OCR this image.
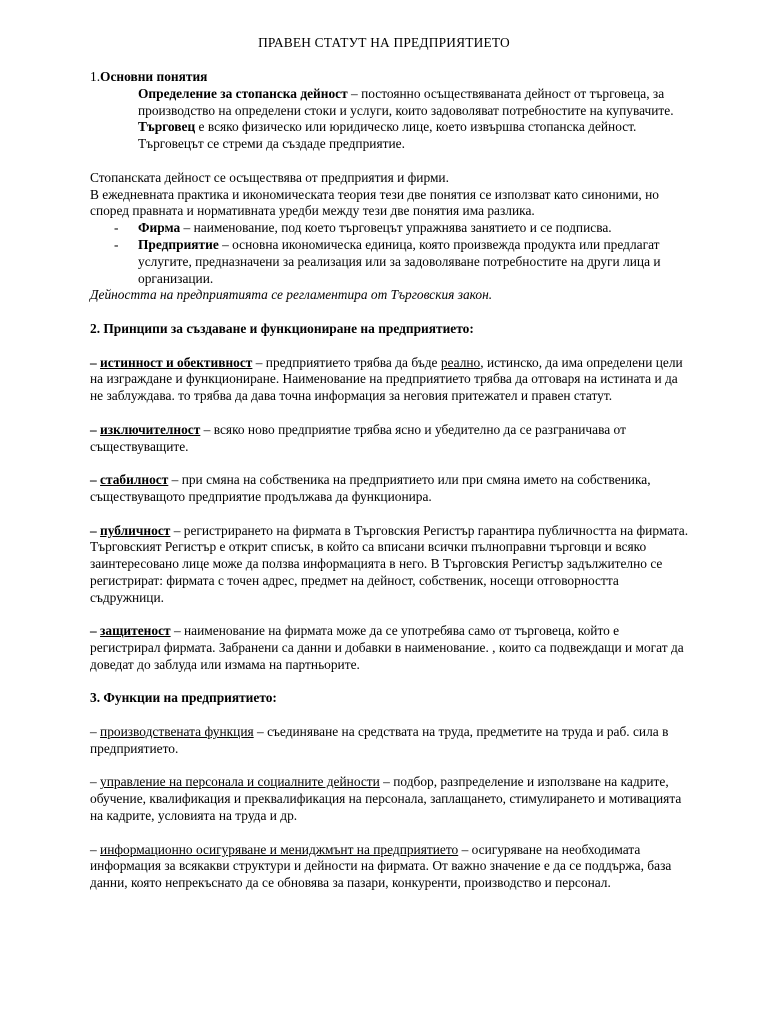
ПРАВЕН СТАТУТ НА ПРЕДПРИЯТИЕТО

1.Основни понятия

Определение за стопанска дейност – постоянно осъществяваната дейност от търговеца, за производство на определени стоки и услуги, които задоволяват потребностите на купувачите.

Търговец е всяко физическо или юридическо лице, което извършва стопанска дейност. Търговецът се стреми да създаде предприятие.

Стопанската дейност се осъществява от предприятия и фирми.

В ежедневната практика и икономическата теория тези две понятия се използват като синоними, но според правната и нормативната уредби между тези две понятия има разлика.

- Фирма – наименование, под което търговецът упражнява занятието и се подписва.

- Предприятие – основна икономическа единица, която произвежда продукта или предлагат услугите, предназначени за реализация или за задоволяване потребностите на други лица и организации.

Дейността на предприятията се регламентира от Търговския закон.

2. Принципи за създаване и функциониране на предприятието:

– истинност и обективност – предприятието трябва да бъде реално, истинско, да има определени цели на изграждане и функциониране. Наименование на предприятието трябва да отговаря на истината и да не заблуждава. то трябва да дава точна информация за неговия притежател и правен статут.

– изключителност – всяко ново предприятие трябва ясно и убедително да се разграничава от съществуващите.

– стабилност – при смяна на собственика на предприятието или при смяна името на собственика, съществуващото предприятие продължава да функционира.

– публичност – регистрирането на фирмата в Търговския Регистър гарантира публичността на фирмата. Търговският Регистър е открит списък, в който са вписани всички пълноправни търговци и всяко заинтересовано лице може да ползва информацията в него. В Търговския Регистър задължително се регистрират: фирмата с точен адрес, предмет на дейност, собственик, носещи отговорността съдружници.

– защитеност – наименование на фирмата може да се употребява само от търговеца, който е регистрирал фирмата. Забранени са данни и добавки в наименование. , които са подвеждащи и могат да доведат до заблуда или измама на партньорите.

3. Функции на предприятието:

– производствената функция – съединяване на средствата на труда, предметите на труда и раб. сила в предприятието.

– управление на персонала и социалните дейности – подбор, разпределение и използване на кадрите, обучение, квалификация и преквалификация на персонала, заплащането, стимулирането и мотивацията на кадрите, условията на труда и др.

– информационно осигуряване и мениджмънт на предприятието – осигуряване на необходимата информация за всякакви структури и дейности на фирмата. От важно значение е да се поддържа, база данни, която непрекъснато да се обновява за пазари, конкуренти, производство и персонал.
